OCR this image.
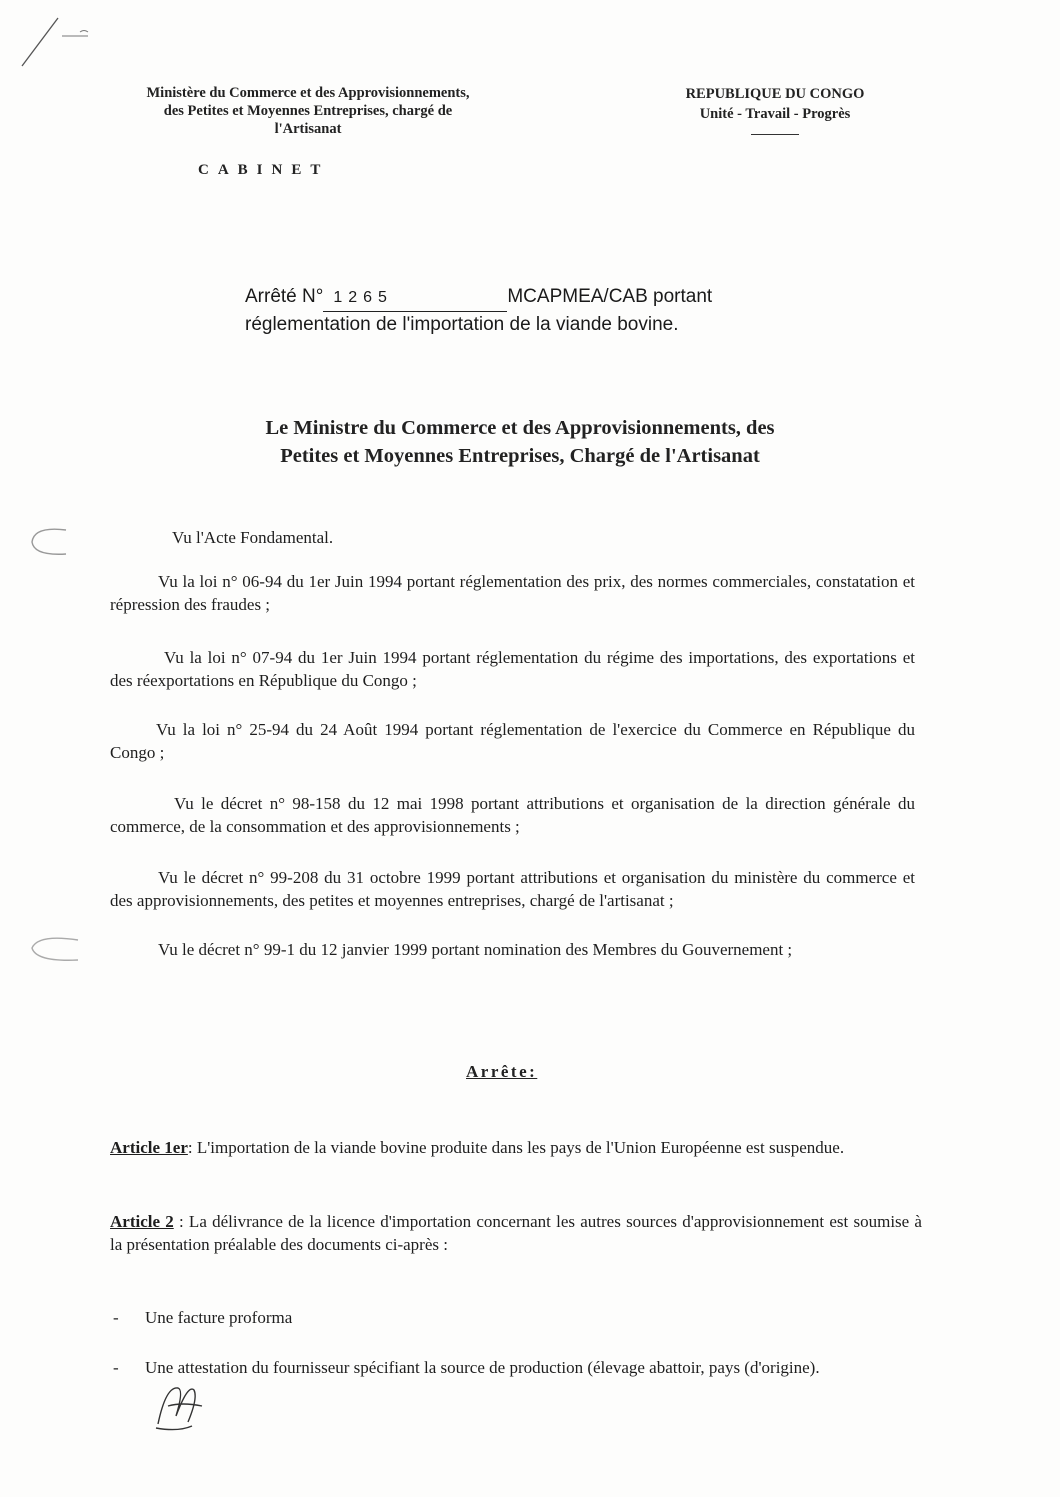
Ministère du Commerce et des Approvisionnements,
des Petites et Moyennes Entreprises, chargé de
l'Artisanat
CABINET
REPUBLIQUE DU CONGO
Unité - Travail - Progrès
Arrêté N° 1265	MCAPMEA/CAB portant
réglementation de l'importation de la viande bovine.
Le Ministre du Commerce et des Approvisionnements, des
Petites et Moyennes Entreprises, Chargé de l'Artisanat
Vu l'Acte Fondamental.
Vu la loi n° 06-94 du 1er Juin 1994 portant réglementation des prix, des normes commerciales, constatation et répression des fraudes ;
Vu la loi n° 07-94 du 1er Juin 1994 portant réglementation du régime des importations, des exportations et des réexportations en République du Congo ;
Vu la loi n° 25-94 du 24 Août 1994 portant réglementation de l'exercice du Commerce en République du Congo ;
Vu le décret n° 98-158 du 12 mai 1998 portant attributions et organisation de la direction générale du commerce, de la consommation et des approvisionnements ;
Vu le décret n° 99-208 du 31 octobre 1999 portant attributions et organisation du ministère du commerce et des approvisionnements, des petites et moyennes entreprises, chargé de l'artisanat ;
Vu le décret n° 99-1 du 12 janvier 1999 portant nomination des Membres du Gouvernement ;
Arrête:
Article 1er: L'importation de la viande bovine produite dans les pays de l'Union Européenne est suspendue.
Article 2 : La délivrance de la licence d'importation concernant les autres sources d'approvisionnement est soumise à la présentation préalable des documents ci-après :
- Une facture proforma
- Une attestation du fournisseur spécifiant la source de production (élevage abattoir, pays (d'origine).
